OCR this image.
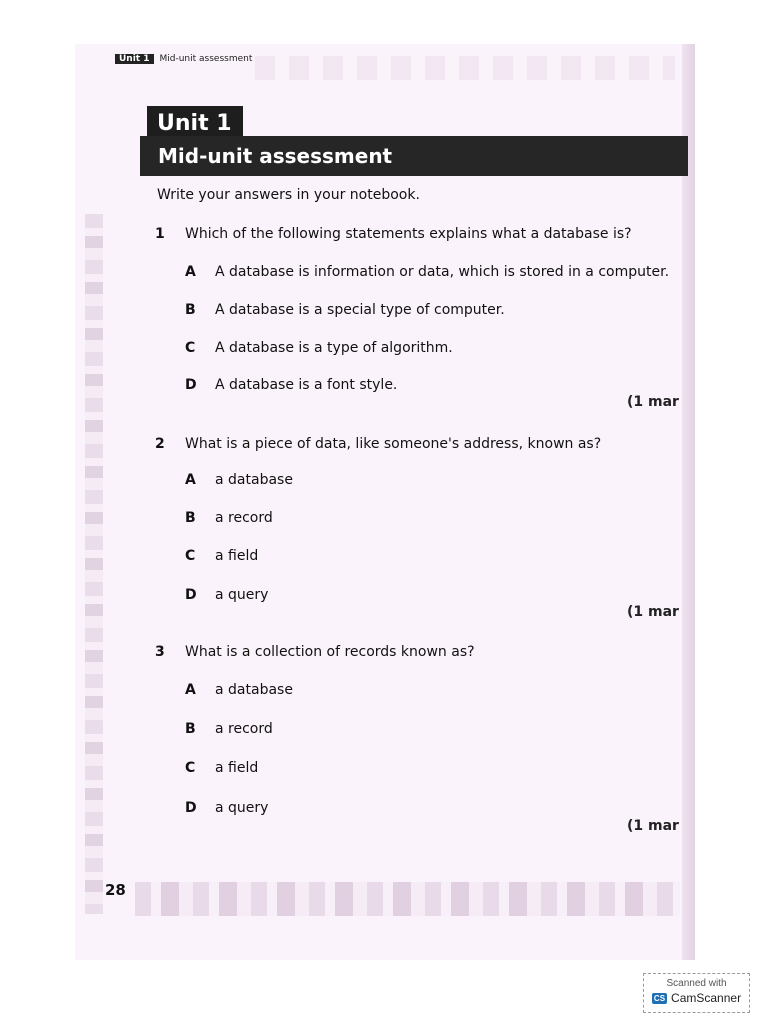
Unit 1	Mid-unit assessment
Unit 1
Mid-unit assessment
Write your answers in your notebook.
1	Which of the following statements explains what a database is?
A A database is information or data, which is stored in a computer.
B A database is a special type of computer.
C A database is a type of algorithm.
D A database is a font style.
(1 mar
2	What is a piece of data, like someone's address, known as?
A a database
B a record
C a field
D a query
(1 mar
3	What is a collection of records known as?
A a database
B a record
C a field
D a query
(1 mar
28
Scanned with
CS CamScanner
